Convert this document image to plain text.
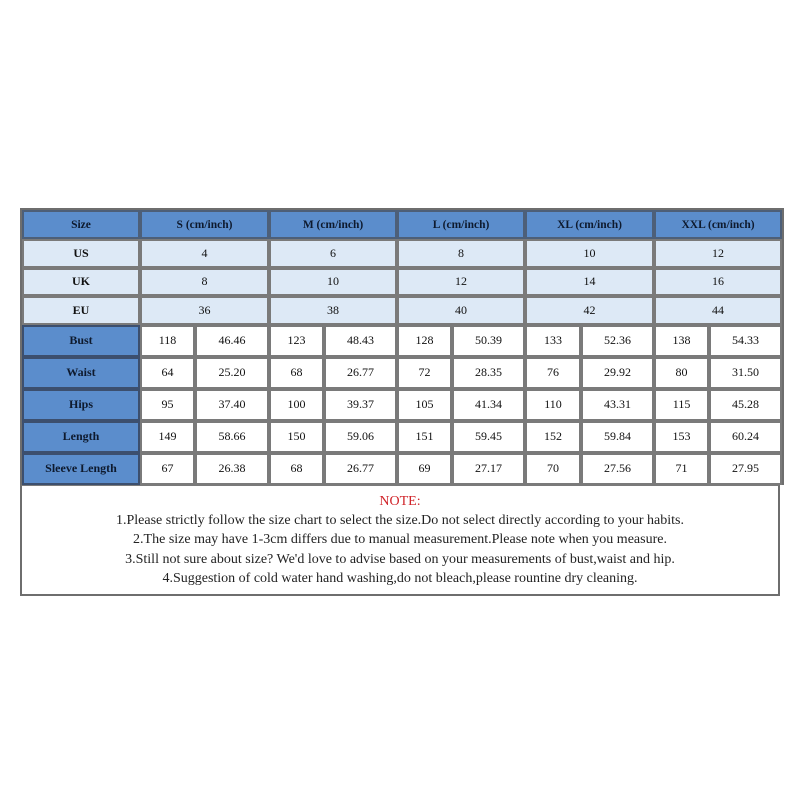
Size	S (cm/inch)		M (cm/inch)		L (cm/inch)		XL (cm/inch)		XXL (cm/inch)	
US	4		6		8		10		12	
UK	8		10		12		14		16	
EU	36		38		40		42		44	
Bust	118	46.46	123	48.43	128	50.39	133	52.36	138	54.33
Waist	64	25.20	68	26.77	72	28.35	76	29.92	80	31.50
Hips	95	37.40	100	39.37	105	41.34	110	43.31	115	45.28
Length	149	58.66	150	59.06	151	59.45	152	59.84	153	60.24
Sleeve Length	67	26.38	68	26.77	69	27.17	70	27.56	71	27.95
NOTE:
1.Please strictly follow the size chart to select the size.Do not select directly according to your habits.
2.The size may have 1-3cm differs due to manual measurement.Please note when you measure.
3.Still not sure about size? We'd love to advise based on your measurements of bust,waist and hip.
4.Suggestion of cold water hand washing,do not bleach,please rountine dry cleaning.
